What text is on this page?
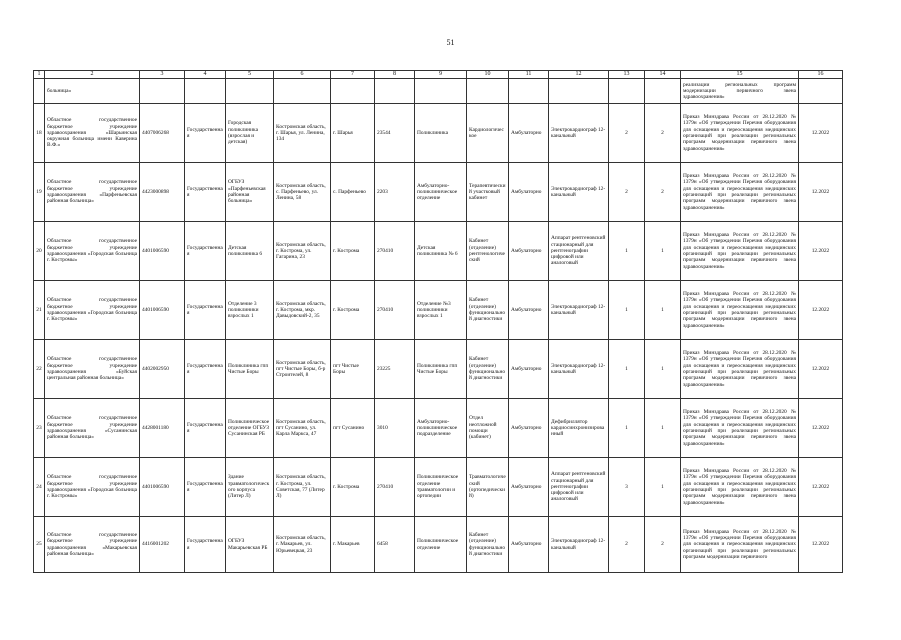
51
1	2	3	4	5	6	7	8	9	10	11	12	13	14	15	16
	больница»													реализации региональных программ модернизации первичного звена здравоохранения»	
18	Областное государственное бюджетное учреждение здравоохранения «Шарьинская окружная больница имени Каверина В.Ф.»	4407006268	Государственная	Городская поликлиника (взрослая и детская)	Костромская область, г. Шарья, ул. Ленина, 134	г. Шарья	23544	Поликлиника	Кардиологическое	Амбулаторно	Электрокардиограф 12-канальный	2	2	Приказ Минздрава России от 28.12.2020 № 1379н «Об утверждении Перечня оборудования для оснащения и переоснащения медицинских организаций при реализации региональных программ модернизации первичного звена здравоохранения»	12.2022
19	Областное государственное бюджетное учреждение здравоохранения «Парфеньевская районная больница»	4423000898	Государственная	ОГБУЗ «Парфеньевская районная больница»	Костромская область, с. Парфеньево, ул. Ленина, 58	с. Парфеньево	2203	Амбулаторно-поликлиническое отделение	Терапевтический участковый кабинет	Амбулаторно	Электрокардиограф 12-канальный	2	2	Приказ Минздрава России от 28.12.2020 № 1379н «Об утверждении Перечня оборудования для оснащения и переоснащения медицинских организаций при реализации региональных программ модернизации первичного звена здравоохранения»	12.2022
20	Областное государственное бюджетное учреждение здравоохранения «Городская больница г. Костромы»	4401006590	Государственная	Детская поликлиника 6	Костромская область, г. Кострома, ул. Гагарина, 23	г. Кострома	270410	Детская поликлиника № 6	Кабинет (отделение) рентгенологический	Амбулаторно	Аппарат рентгеновский стационарный для рентгенографии цифровой или аналоговый	1	1	Приказ Минздрава России от 28.12.2020 № 1379н «Об утверждении Перечня оборудования для оснащения и переоснащения медицинских организаций при реализации региональных программ модернизации первичного звена здравоохранения»	12.2022
21	Областное государственное бюджетное учреждение здравоохранения «Городская больница г. Костромы»	4401006590	Государственная	Отделение 3 поликлиники взрослых 1	Костромская область, г. Кострома, мкр. Давыдовский-2, 35	г. Кострома	270410	Отделение №3 поликлиники взрослых 1	Кабинет (отделение) функциональной диагностики	Амбулаторно	Электрокардиограф 12-канальный	1	1	Приказ Минздрава России от 28.12.2020 № 1379н «Об утверждении Перечня оборудования для оснащения и переоснащения медицинских организаций при реализации региональных программ модернизации первичного звена здравоохранения»	12.2022
22	Областное государственное бюджетное учреждение здравоохранения «Буйская центральная районная больница»	4402002950	Государственная	Поликлиника гпп Чистые Боры	Костромская область, пгт Чистые Боры, б-р Строителей, 8	пгт Чистые Боры	23225	Поликлиника гпп Чистые Боры	Кабинет (отделение) функциональной диагностики	Амбулаторно	Электрокардиограф 12-канальный	1	1	Приказ Минздрава России от 28.12.2020 № 1379н «Об утверждении Перечня оборудования для оснащения и переоснащения медицинских организаций при реализации региональных программ модернизации первичного звена здравоохранения»	12.2022
23	Областное государственное бюджетное учреждение здравоохранения «Сусанинская районная больница»	4428001180	Государственная	Поликлиническое отделение ОГБУЗ Сусанинская РБ	Костромская область, пгт Сусанино, ул. Карла Маркса, 47	пгт Сусанино	3010	Амбулаторно-поликлиническое подразделение	Отдел неотложной помощи (кабинет)	Амбулаторно	Дефибриллятор кардиосинхронизированный	1	1	Приказ Минздрава России от 28.12.2020 № 1379н «Об утверждении Перечня оборудования для оснащения и переоснащения медицинских организаций при реализации региональных программ модернизации первичного звена здравоохранения»	12.2022
24	Областное государственное бюджетное учреждение здравоохранения «Городская больница г. Костромы»	4401006590	Государственная	Здание травматологического корпуса (Литер Л)	Костромская область, г. Кострома, ул. Советская, 77 (Литер Л)	г. Кострома	270410	Поликлиническое отделение травматологии и ортопедии	Травматологический (ортопедический)	Амбулаторно	Аппарат рентгеновский стационарный для рентгенографии цифровой или аналоговый	3	1	Приказ Минздрава России от 28.12.2020 № 1379н «Об утверждении Перечня оборудования для оснащения и переоснащения медицинских организаций при реализации региональных программ модернизации первичного звена здравоохранения»	12.2022
25	Областное государственное бюджетное учреждение здравоохранения «Макарьевская районная больница»	4416001202	Государственная	ОГБУЗ Макарьевская РБ	Костромская область, г. Макарьев, ул. Юрьевецкая, 23	г. Макарьев	6458	Поликлиническое отделение	Кабинет (отделение) функциональной диагностики	Амбулаторно	Электрокардиограф 12-канальный	2	2	Приказ Минздрава России от 28.12.2020 № 1379н «Об утверждении Перечня оборудования для оснащения и переоснащения медицинских организаций при реализации региональных программ модернизации первичного	12.2022
